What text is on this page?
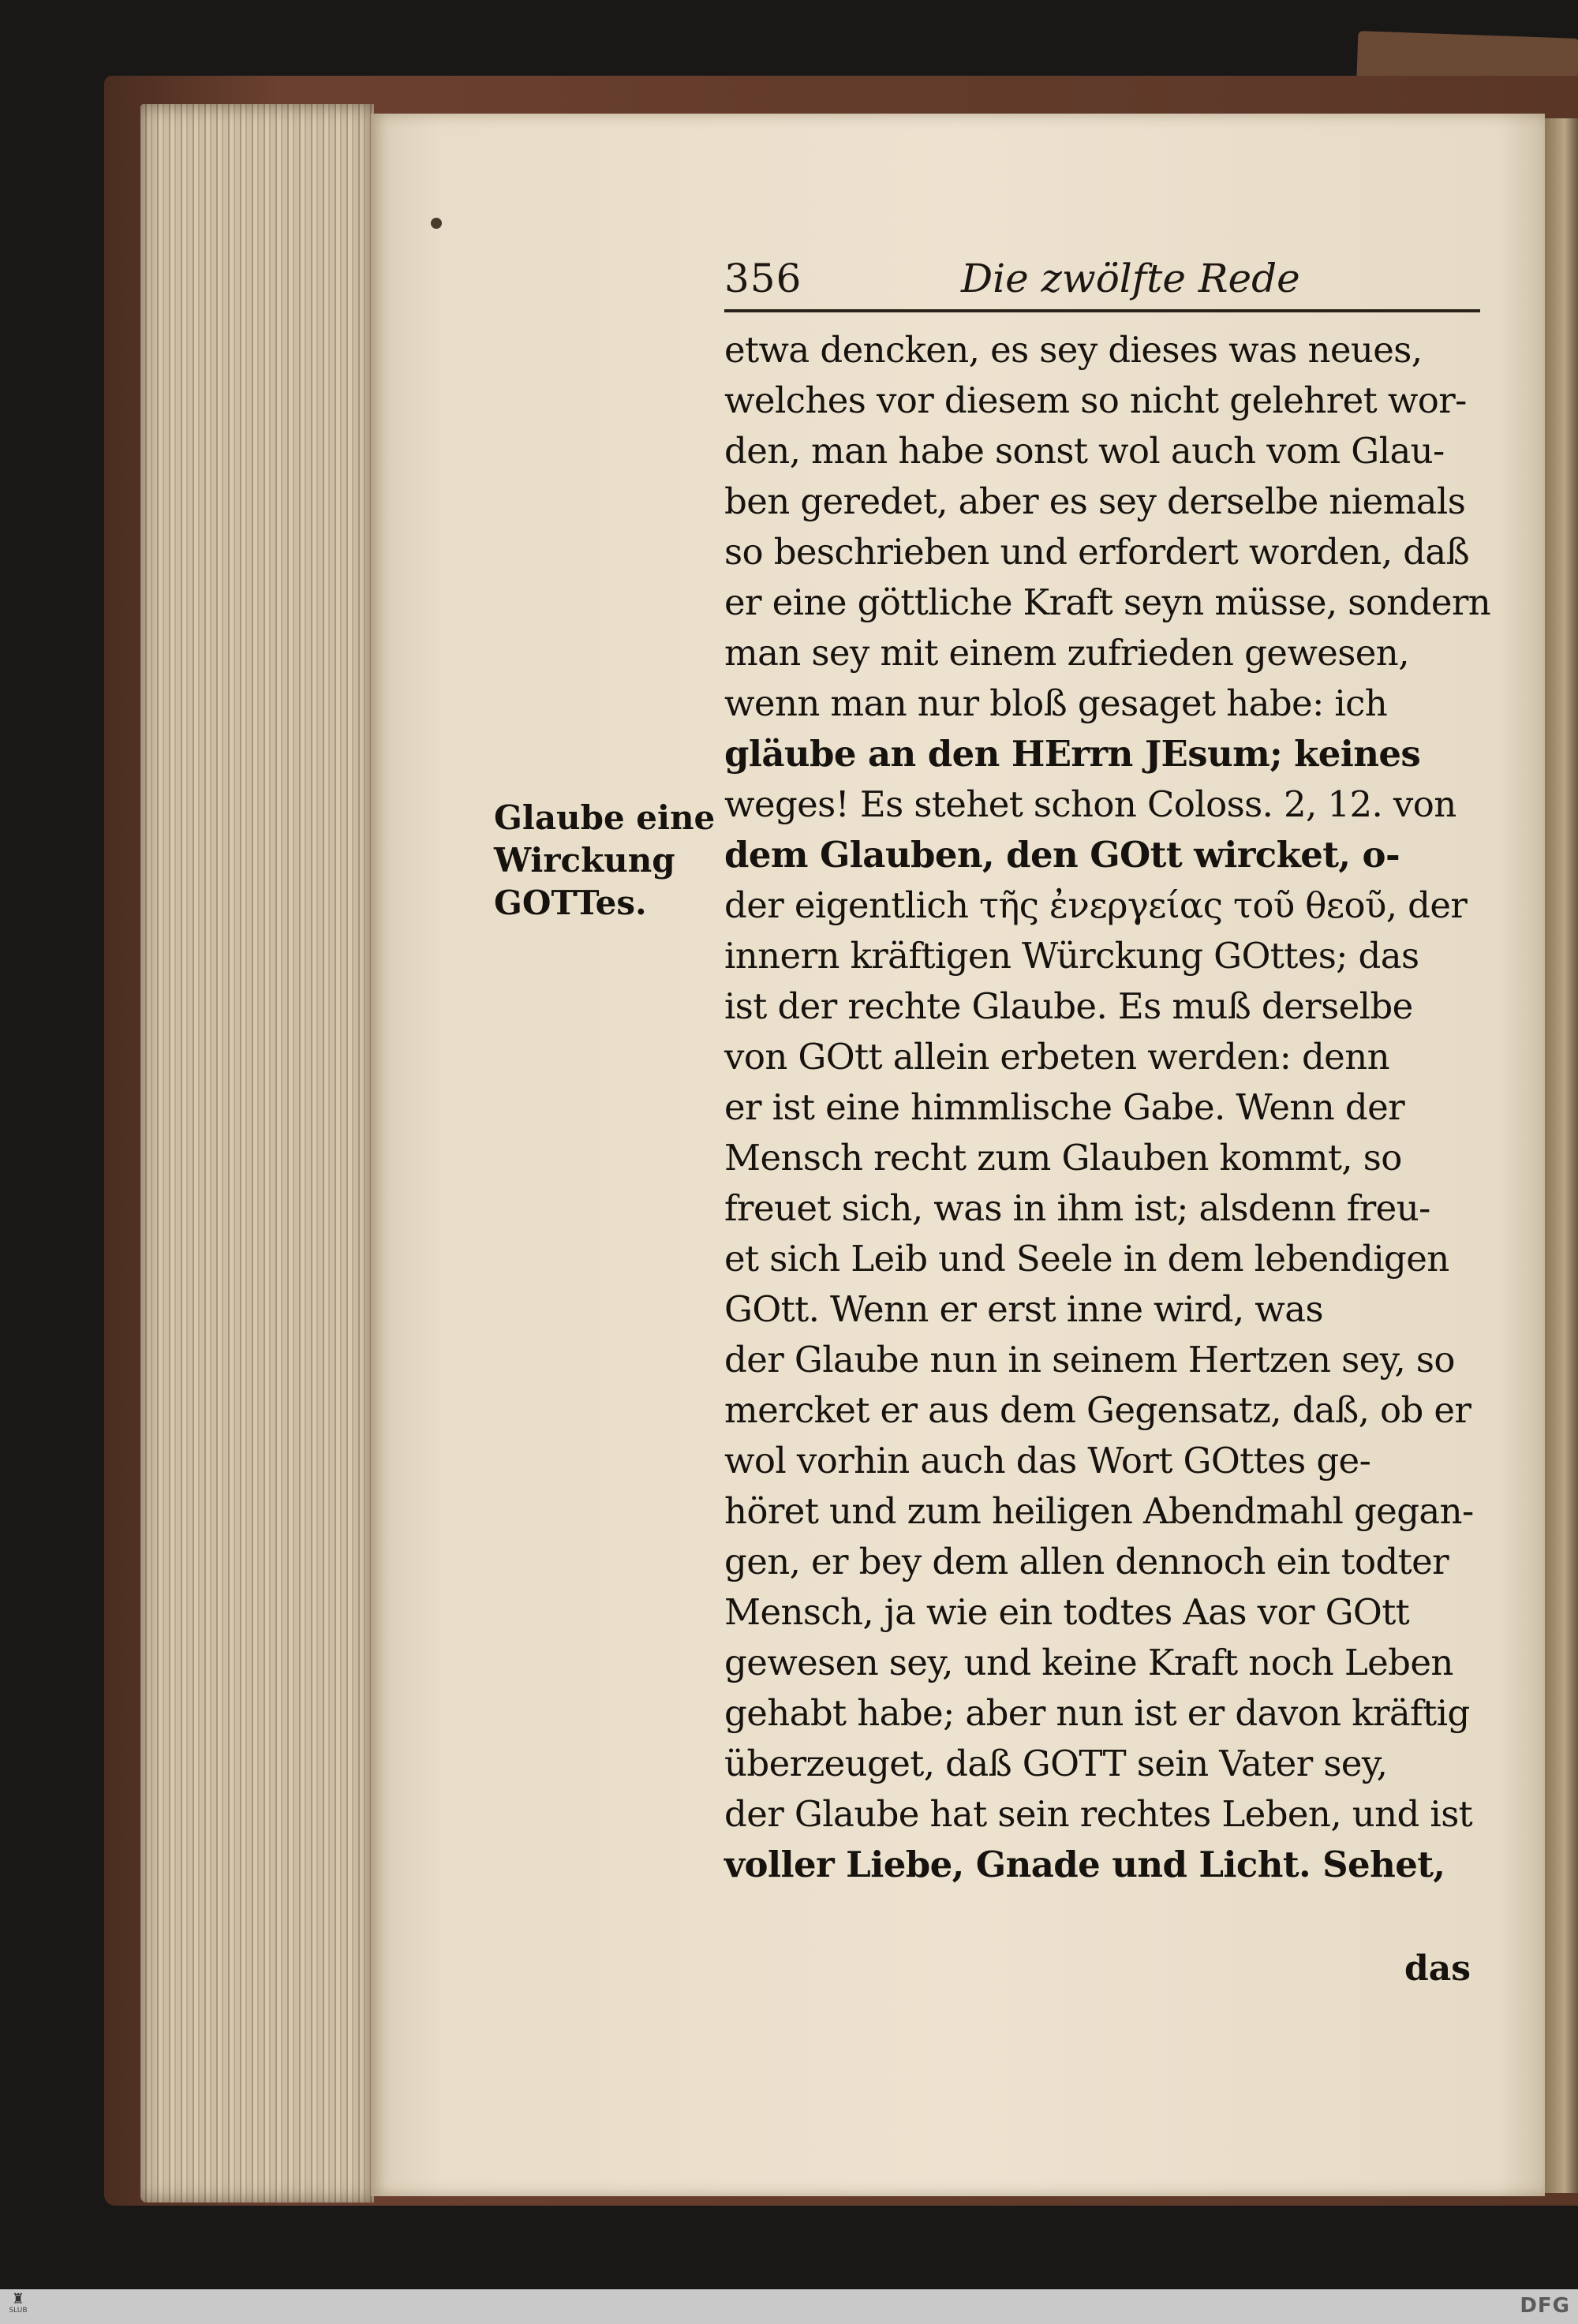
356	Die zwölfte Rede
Glaube eine
Wirckung
GOTTes.
etwa dencken, es sey dieses was neues,
welches vor diesem so nicht gelehret wor-
den, man habe sonst wol auch vom Glau-
ben geredet, aber es sey derselbe niemals
so beschrieben und erfordert worden, daß
er eine göttliche Kraft seyn müsse, sondern
man sey mit einem zufrieden gewesen,
wenn man nur bloß gesaget habe: ich
gläube an den HErrn JEsum; keines
weges! Es stehet schon Coloss. 2, 12. von
dem Glauben, den GOtt wircket, o-
der eigentlich τῆς ἐνεργείας τοῦ θεοῦ, der
innern kräftigen Würckung GOttes; das
ist der rechte Glaube. Es muß derselbe
von GOtt allein erbeten werden: denn
er ist eine himmlische Gabe. Wenn der
Mensch recht zum Glauben kommt, so
freuet sich, was in ihm ist; alsdenn freu-
et sich Leib und Seele in dem lebendigen
GOtt. Wenn er erst inne wird, was
der Glaube nun in seinem Hertzen sey, so
mercket er aus dem Gegensatz, daß, ob er
wol vorhin auch das Wort GOttes ge-
höret und zum heiligen Abendmahl gegan-
gen, er bey dem allen dennoch ein todter
Mensch, ja wie ein todtes Aas vor GOtt
gewesen sey, und keine Kraft noch Leben
gehabt habe; aber nun ist er davon kräftig
überzeuget, daß GOTT sein Vater sey,
der Glaube hat sein rechtes Leben, und ist
voller Liebe, Gnade und Licht. Sehet,
das
♜
SLUB	DFG
